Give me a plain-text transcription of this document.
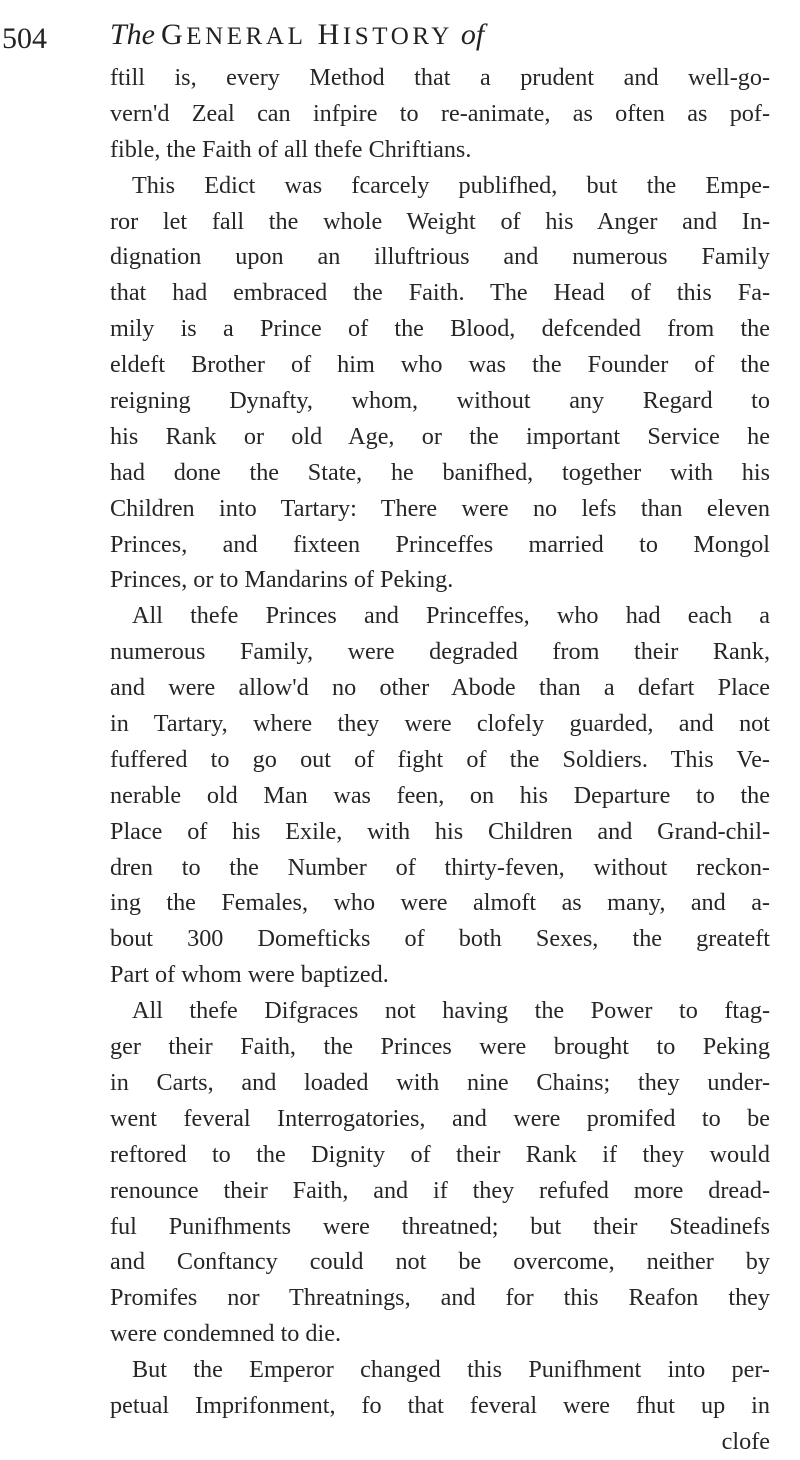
504 The GENERAL HISTORY of
ftill is, every Method that a prudent and well-go-
vern'd Zeal can infpire to re-animate, as often as pof-
fible, the Faith of all thefe Chriftians.
This Edict was fcarcely publifhed, but the Empe-
ror let fall the whole Weight of his Anger and In-
dignation upon an illuftrious and numerous Family
that had embraced the Faith. The Head of this Fa-
mily is a Prince of the Blood, defcended from the
eldeft Brother of him who was the Founder of the
reigning Dynafty, whom, without any Regard to
his Rank or old Age, or the important Service he
had done the State, he banifhed, together with his
Children into Tartary: There were no lefs than eleven
Princes, and fixteen Princeffes married to Mongol
Princes, or to Mandarins of Peking.
All thefe Princes and Princeffes, who had each a
numerous Family, were degraded from their Rank,
and were allow'd no other Abode than a defart Place
in Tartary, where they were clofely guarded, and not
fuffered to go out of fight of the Soldiers. This Ve-
nerable old Man was feen, on his Departure to the
Place of his Exile, with his Children and Grand-chil-
dren to the Number of thirty-feven, without reckon-
ing the Females, who were almoft as many, and a-
bout 300 Domefticks of both Sexes, the greateft
Part of whom were baptized.
All thefe Difgraces not having the Power to ftag-
ger their Faith, the Princes were brought to Peking
in Carts, and loaded with nine Chains; they under-
went feveral Interrogatories, and were promifed to be
reftored to the Dignity of their Rank if they would
renounce their Faith, and if they refufed more dread-
ful Punifhments were threatned; but their Steadinefs
and Conftancy could not be overcome, neither by
Promifes nor Threatnings, and for this Reafon they
were condemned to die.
But the Emperor changed this Punifhment into per-
petual Imprifonment, fo that feveral were fhut up in
clofe
